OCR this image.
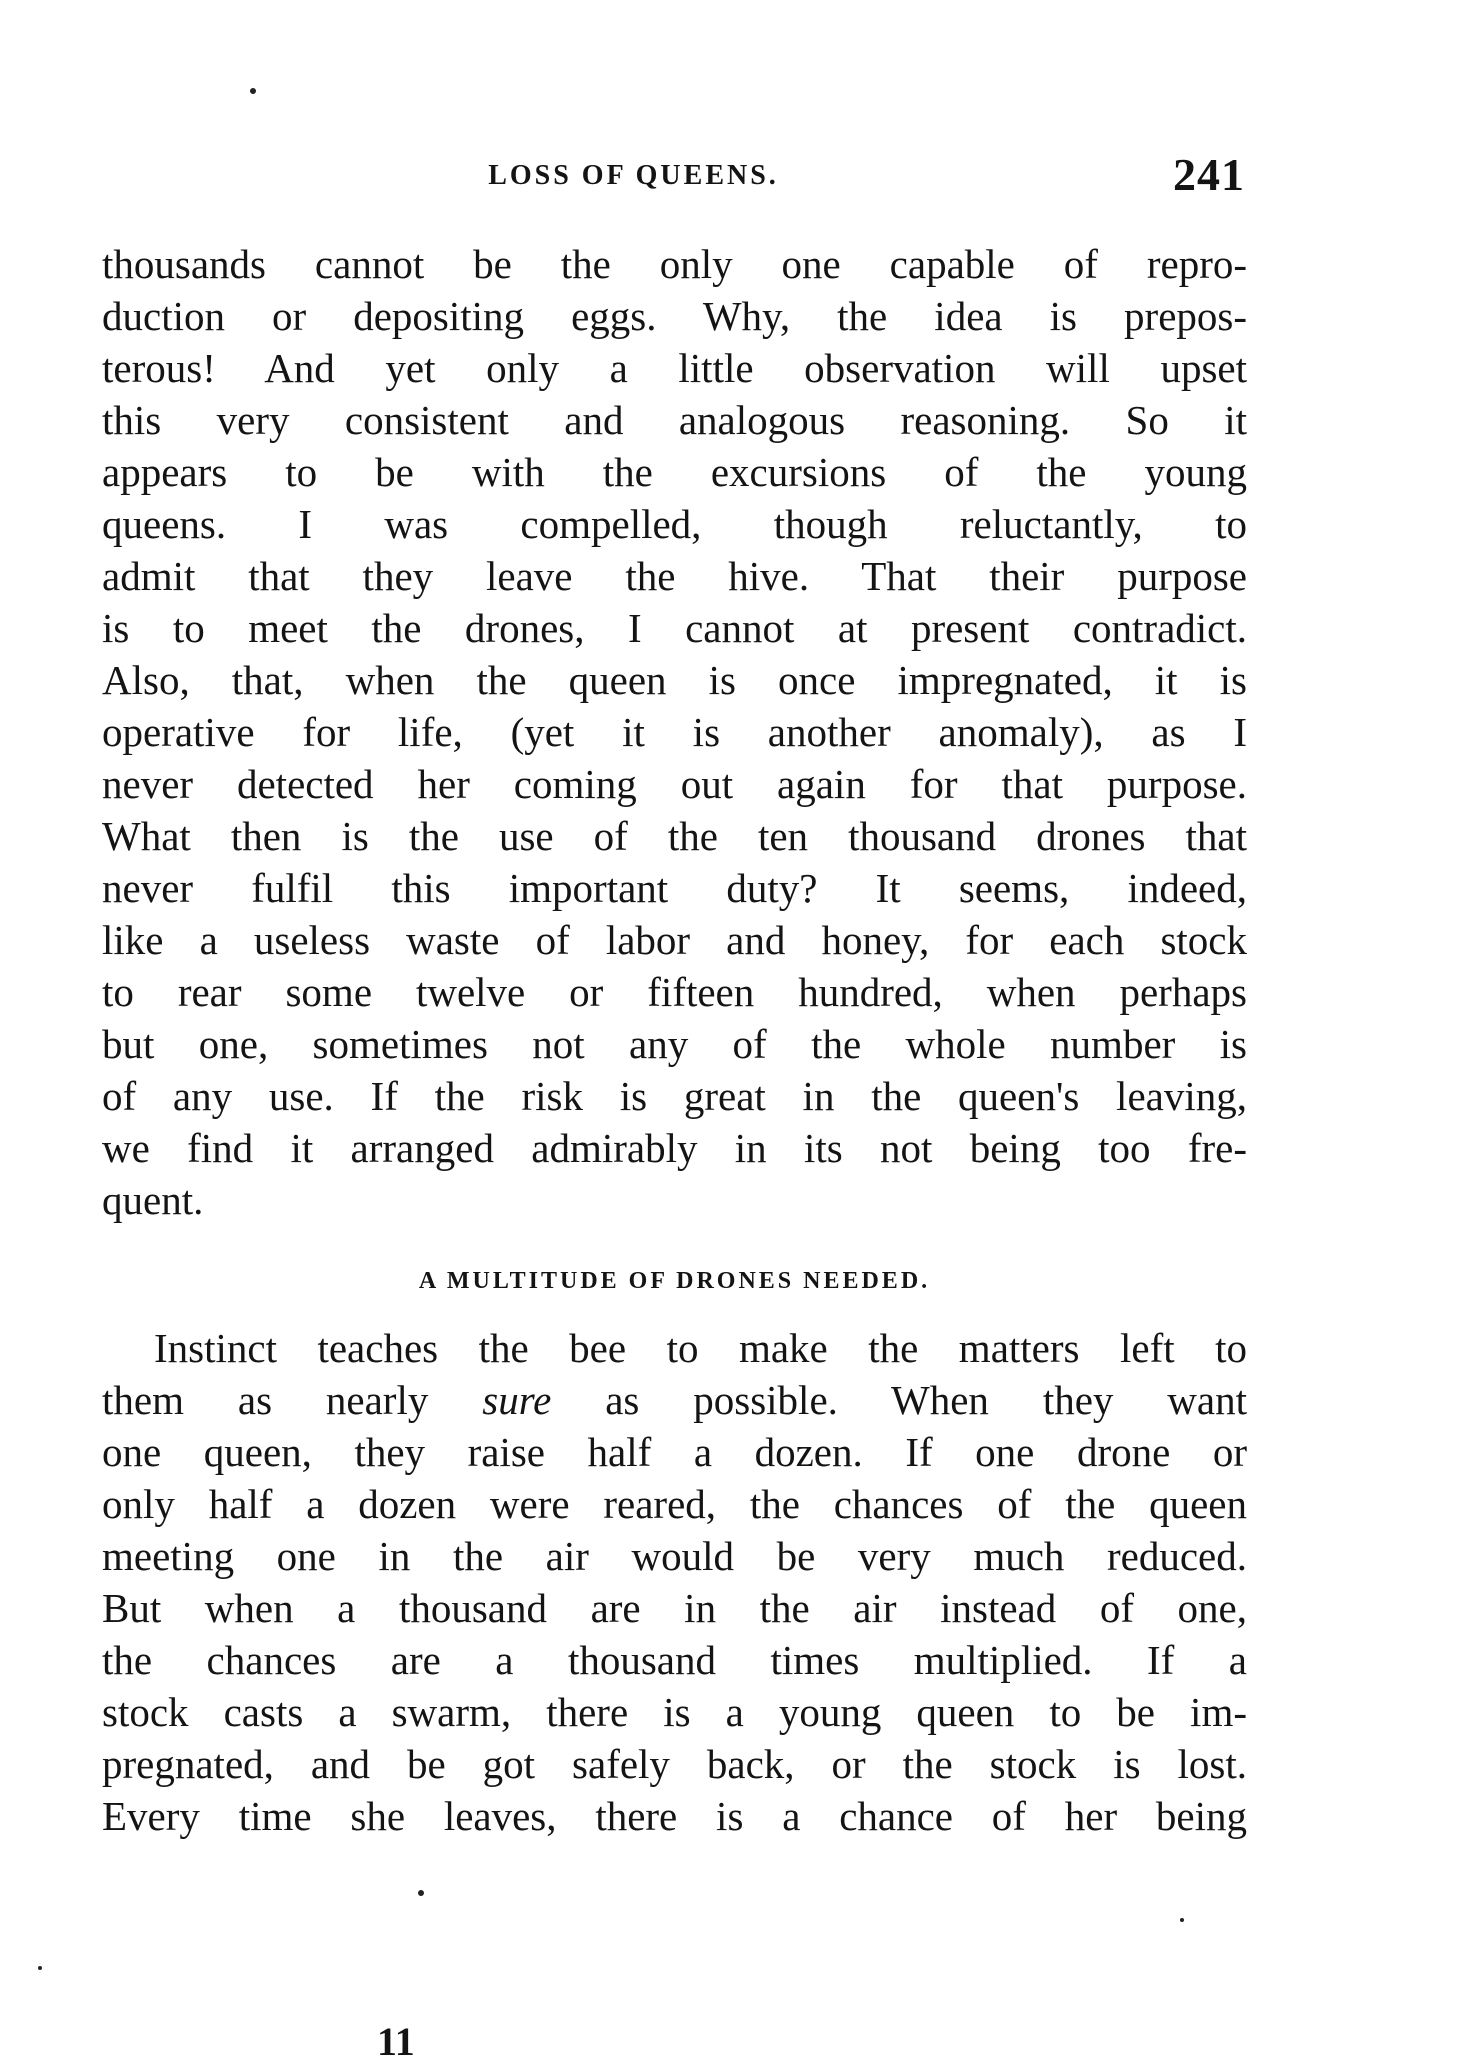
LOSS OF QUEENS.	241
thousands cannot be the only one capable of repro-
duction or depositing eggs. Why, the idea is prepos-
terous! And yet only a little observation will upset
this very consistent and analogous reasoning. So it
appears to be with the excursions of the young
queens. I was compelled, though reluctantly, to
admit that they leave the hive. That their purpose
is to meet the drones, I cannot at present contradict.
Also, that, when the queen is once impregnated, it is
operative for life, (yet it is another anomaly), as I
never detected her coming out again for that purpose.
What then is the use of the ten thousand drones that
never fulfil this important duty? It seems, indeed,
like a useless waste of labor and honey, for each stock
to rear some twelve or fifteen hundred, when perhaps
but one, sometimes not any of the whole number is
of any use. If the risk is great in the queen's leaving,
we find it arranged admirably in its not being too fre-
quent.
A MULTITUDE OF DRONES NEEDED.
Instinct teaches the bee to make the matters left to
them as nearly sure as possible. When they want
one queen, they raise half a dozen. If one drone or
only half a dozen were reared, the chances of the queen
meeting one in the air would be very much reduced.
But when a thousand are in the air instead of one,
the chances are a thousand times multiplied. If a
stock casts a swarm, there is a young queen to be im-
pregnated, and be got safely back, or the stock is lost.
Every time she leaves, there is a chance of her being
11
